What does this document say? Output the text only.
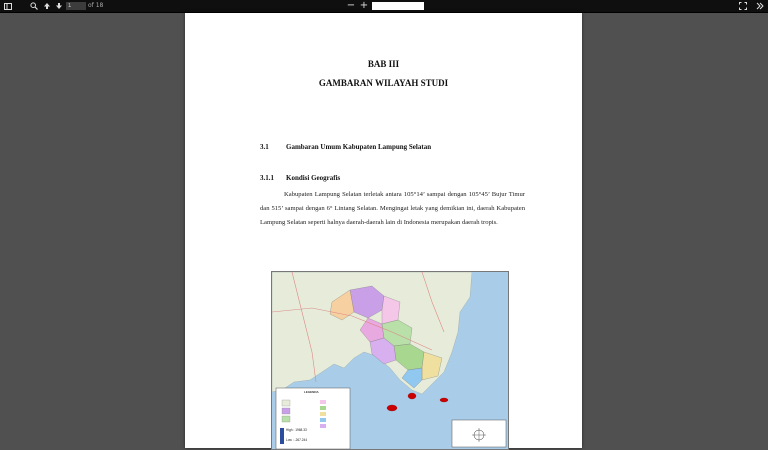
1
of 18	− +
BAB III
GAMBARAN WILAYAH STUDI
3.1 Gambaran Umum Kabupaten Lampung Selatan
3.1.1 Kondisi Geografis
Kabupaten Lampung Selatan terletak antara 105°14’ sampai dengan 105°45’ Bujur Timur dan 515’ sampai dengan 6° Lintang Selatan. Mengingat letak yang demikian ini, daerah Kabupaten Lampung Selatan seperti halnya daerah-daerah lain di Indonesia merupakan daerah tropis.
LEGENDA
High : 1968.33
Low : -267.244
